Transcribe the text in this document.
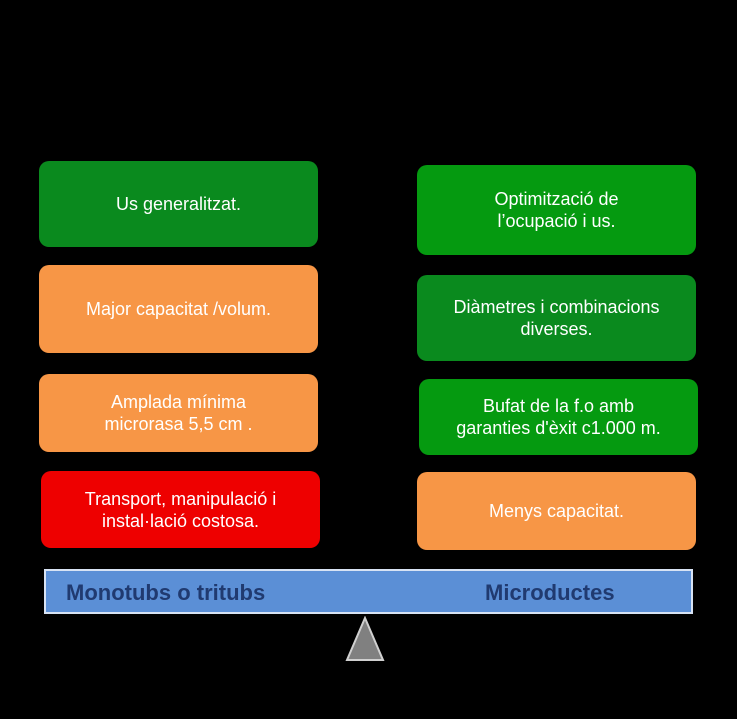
Us generalitzat.
Major capacitat /volum.
Amplada mínima
microrasa 5,5 cm .
Transport, manipulació i
instal·lació costosa.
Optimització de
l’ocupació i us.
Diàmetres i combinacions
diverses.
Bufat de la f.o amb
garanties d'èxit c1.000 m.
Menys capacitat.
Monotubs o tritubs	Microductes
